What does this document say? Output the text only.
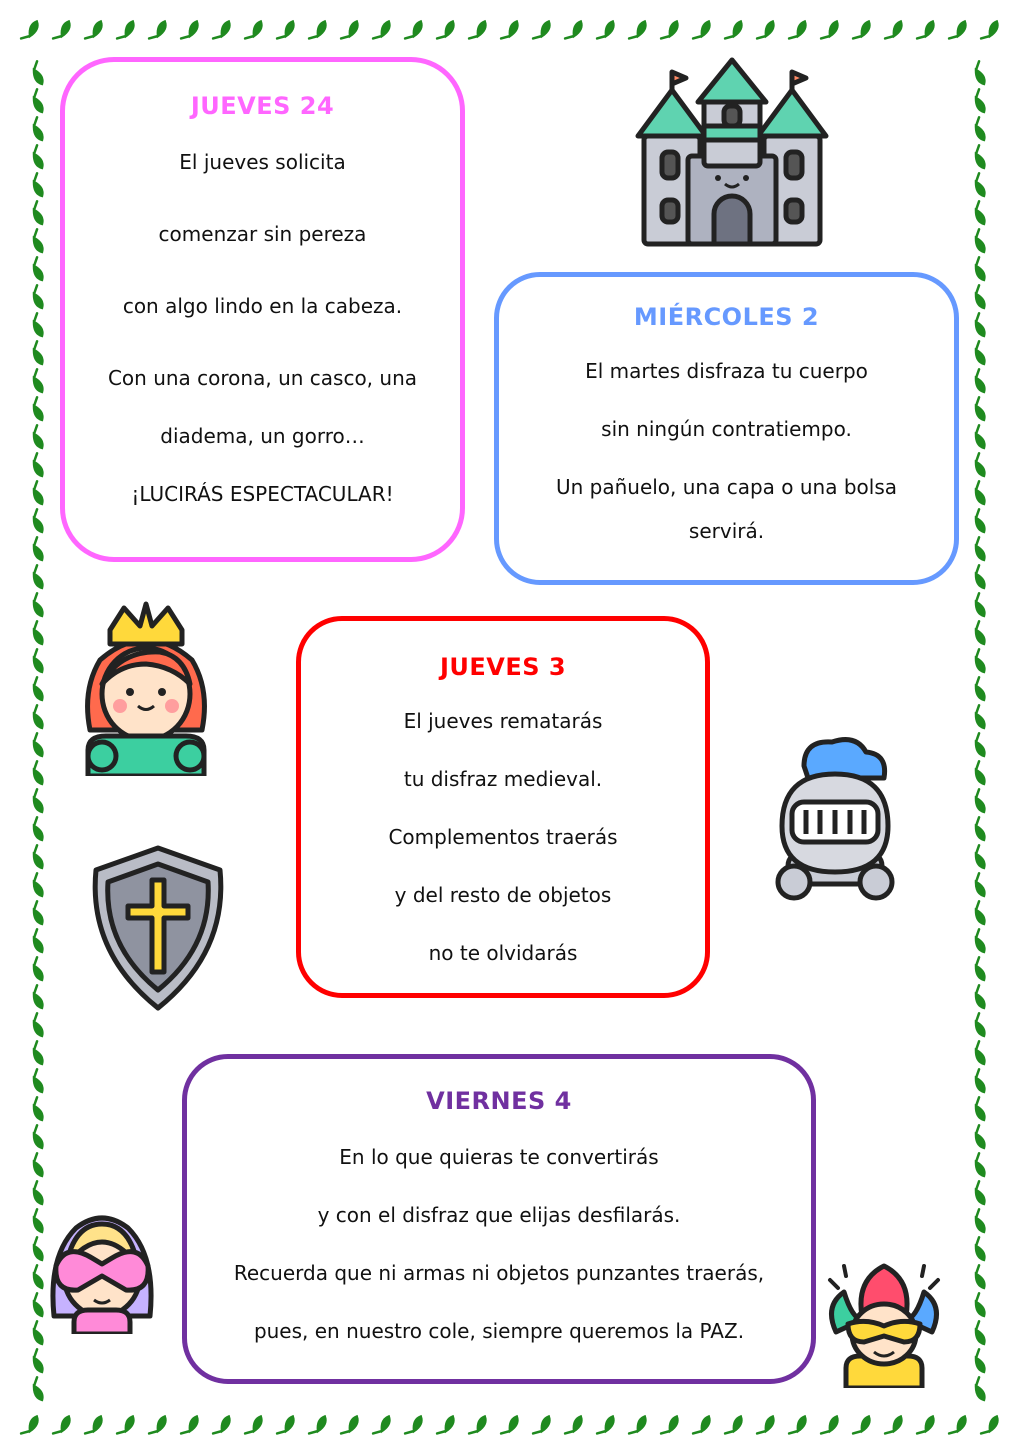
JUEVES 24

El jueves solicita

comenzar sin pereza

con algo lindo en la cabeza.

Con una corona, un casco, una

diadema, un gorro…

¡LUCIRÁS ESPECTACULAR!

MIÉRCOLES 2

El martes disfraza tu cuerpo

sin ningún contratiempo.

Un pañuelo, una capa o una bolsa

servirá.

JUEVES 3

El jueves rematarás

tu disfraz medieval.

Complementos traerás

y del resto de objetos

no te olvidarás

VIERNES 4

En lo que quieras te convertirás

y con el disfraz que elijas desfilarás.

Recuerda que ni armas ni objetos punzantes traerás,

pues, en nuestro cole, siempre queremos la PAZ.
